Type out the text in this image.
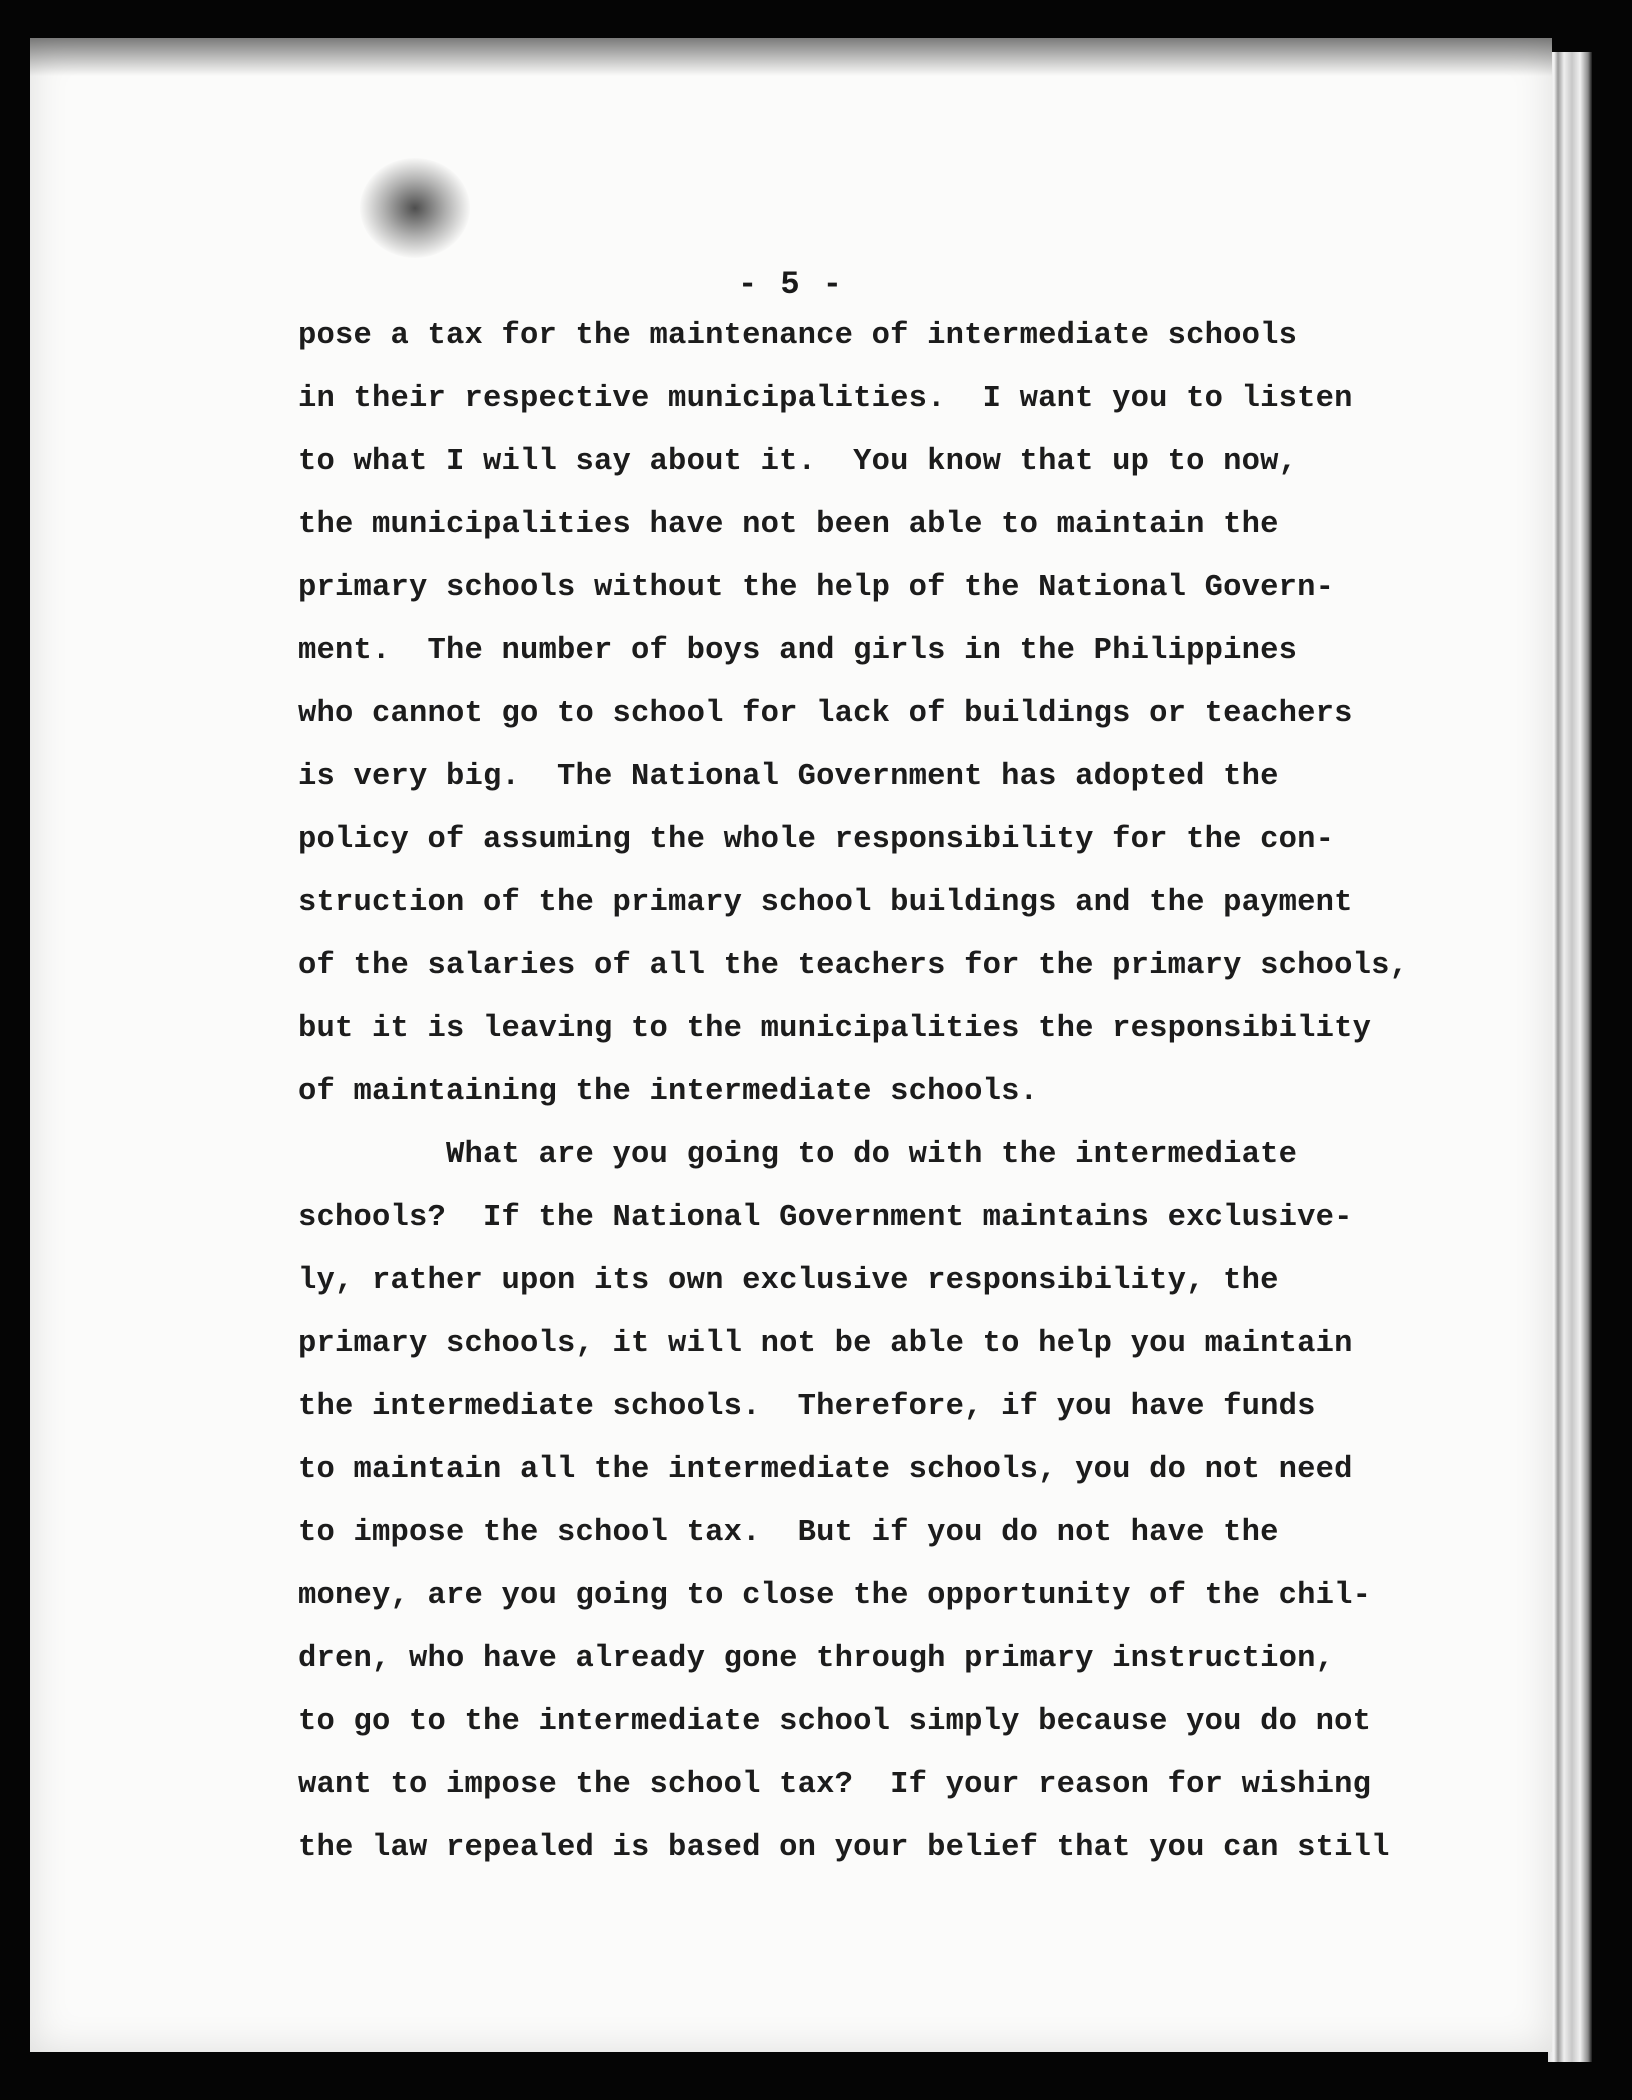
- 5 -
pose a tax for the maintenance of intermediate schools
in their respective municipalities.  I want you to listen
to what I will say about it.  You know that up to now,
the municipalities have not been able to maintain the
primary schools without the help of the National Govern-
ment.  The number of boys and girls in the Philippines
who cannot go to school for lack of buildings or teachers
is very big.  The National Government has adopted the
policy of assuming the whole responsibility for the con-
struction of the primary school buildings and the payment
of the salaries of all the teachers for the primary schools,
but it is leaving to the municipalities the responsibility
of maintaining the intermediate schools.
What are you going to do with the intermediate
schools?  If the National Government maintains exclusive-
ly, rather upon its own exclusive responsibility, the
primary schools, it will not be able to help you maintain
the intermediate schools.  Therefore, if you have funds
to maintain all the intermediate schools, you do not need
to impose the school tax.  But if you do not have the
money, are you going to close the opportunity of the chil-
dren, who have already gone through primary instruction,
to go to the intermediate school simply because you do not
want to impose the school tax?  If your reason for wishing
the law repealed is based on your belief that you can still
